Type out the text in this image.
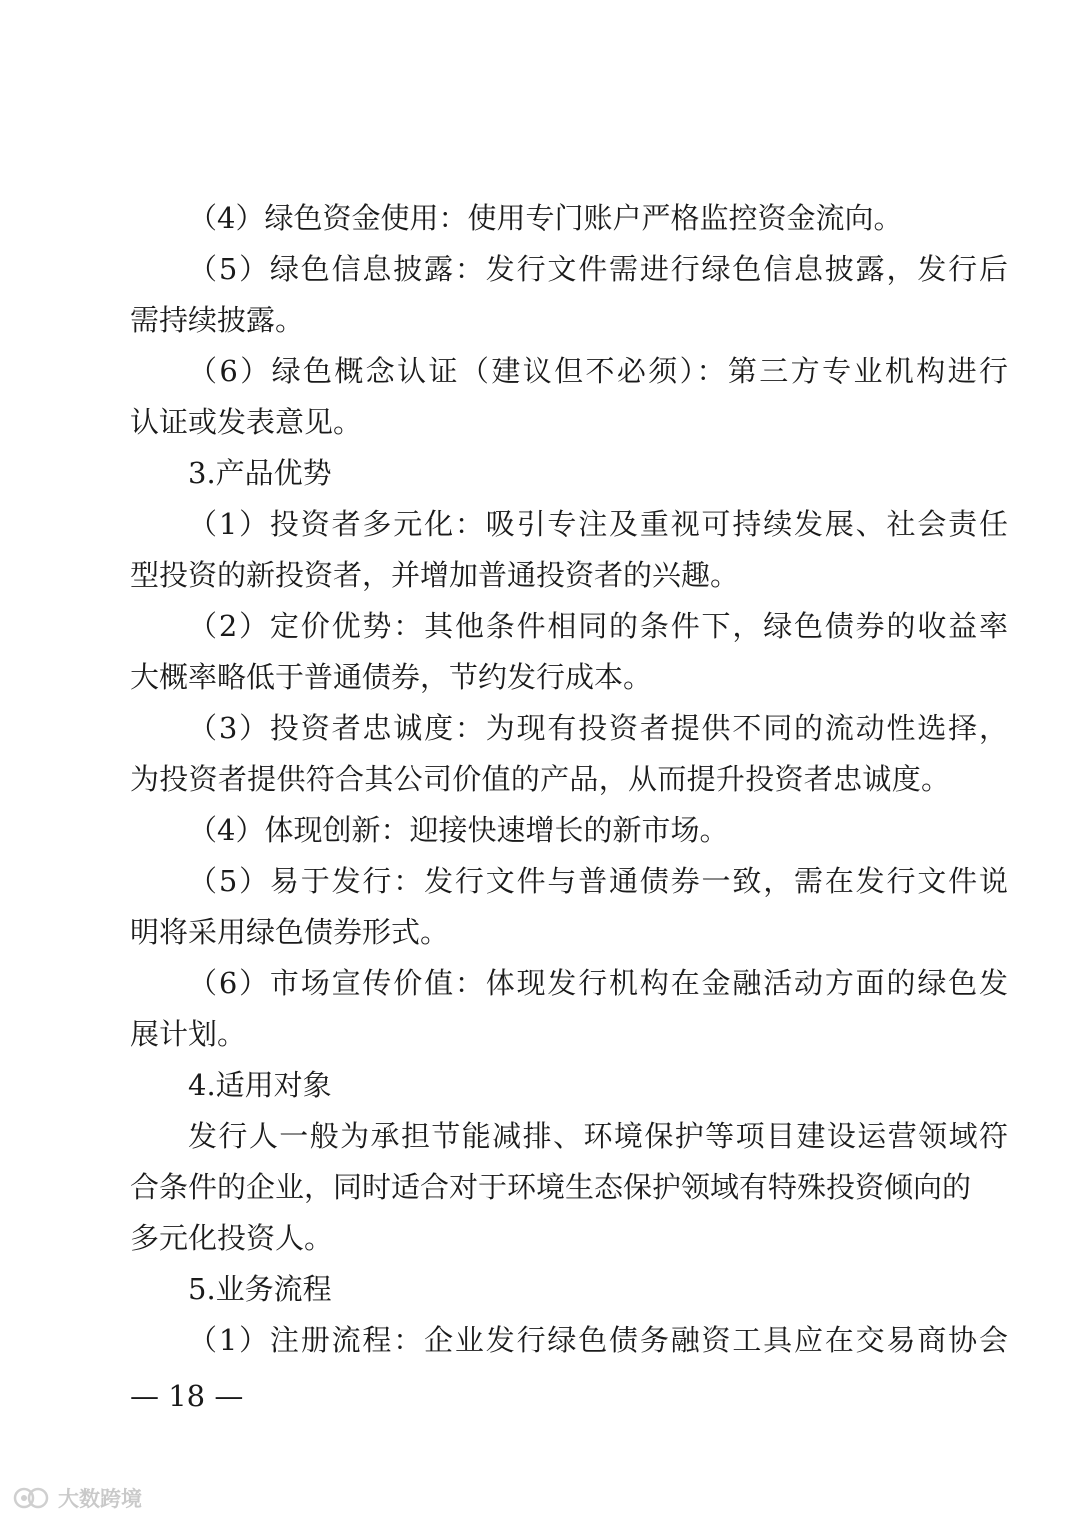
（4）绿色资金使用：使用专门账户严格监控资金流向。
（5）绿色信息披露：发行文件需进行绿色信息披露，发行后
需持续披露。
（6）绿色概念认证（建议但不必须）：第三方专业机构进行
认证或发表意见。
3.产品优势
（1）投资者多元化：吸引专注及重视可持续发展、社会责任
型投资的新投资者，并增加普通投资者的兴趣。
（2）定价优势：其他条件相同的条件下，绿色债券的收益率
大概率略低于普通债券，节约发行成本。
（3）投资者忠诚度：为现有投资者提供不同的流动性选择，
为投资者提供符合其公司价值的产品，从而提升投资者忠诚度。
（4）体现创新：迎接快速增长的新市场。
（5）易于发行：发行文件与普通债券一致，需在发行文件说
明将采用绿色债券形式。
（6）市场宣传价值：体现发行机构在金融活动方面的绿色发
展计划。
4.适用对象
发行人一般为承担节能减排、环境保护等项目建设运营领域符
合条件的企业，同时适合对于环境生态保护领域有特殊投资倾向的
多元化投资人。
5.业务流程
（1）注册流程：企业发行绿色债务融资工具应在交易商协会
— 18 —
大数跨境
